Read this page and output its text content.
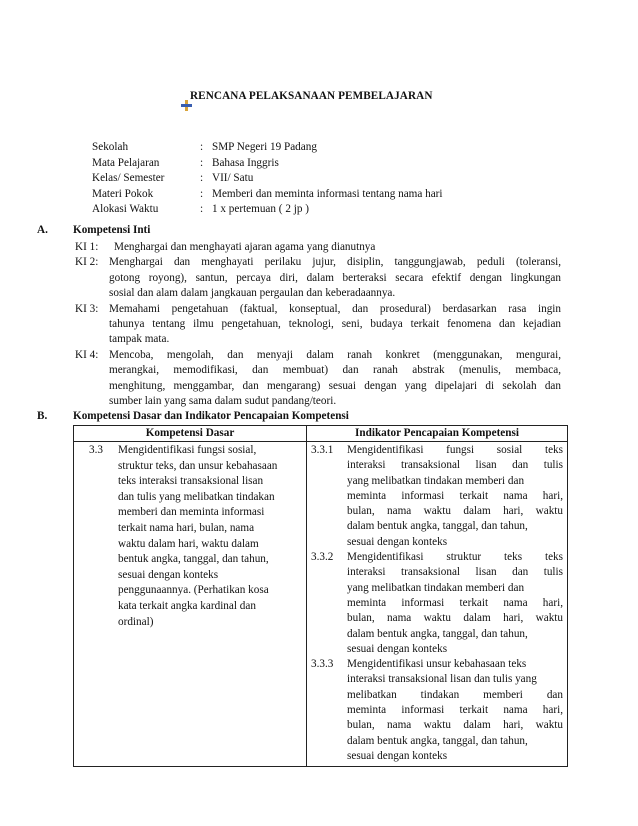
RENCANA PELAKSANAAN PEMBELAJARAN
Sekolah	: SMP Negeri 19 Padang
Mata Pelajaran	: Bahasa Inggris
Kelas/ Semester	: VII/ Satu
Materi Pokok	: Memberi dan meminta informasi tentang nama hari
Alokasi Waktu	: 1 x pertemuan ( 2 jp )
A. Kompetensi Inti
KI 1:	Menghargai dan menghayati ajaran agama yang dianutnya
KI 2: Menghargai dan menghayati perilaku jujur, disiplin, tanggungjawab, peduli (toleransi,
gotong royong), santun, percaya diri, dalam berteraksi secara efektif dengan lingkungan
sosial dan alam dalam jangkauan pergaulan dan keberadaannya.
KI 3: Memahami pengetahuan (faktual, konseptual, dan prosedural) berdasarkan rasa ingin
tahunya tentang ilmu pengetahuan, teknologi, seni, budaya terkait fenomena dan kejadian
tampak mata.
KI 4: Mencoba, mengolah, dan menyaji dalam ranah konkret (menggunakan, mengurai,
merangkai, memodifikasi, dan membuat) dan ranah abstrak (menulis, membaca,
menghitung, menggambar, dan mengarang) sesuai dengan yang dipelajari di sekolah dan
sumber lain yang sama dalam sudut pandang/teori.
B. Kompetensi Dasar dan Indikator Pencapaian Kompetensi
Kompetensi Dasar	Indikator Pencapaian Kompetensi
3.3	Mengidentifikasi fungsi sosial,
struktur teks, dan unsur kebahasaan
teks interaksi transaksional lisan
dan tulis yang melibatkan tindakan
memberi dan meminta informasi
terkait nama hari, bulan, nama
waktu dalam hari, waktu dalam
bentuk angka, tanggal, dan tahun,
sesuai dengan konteks
penggunaannya. (Perhatikan kosa
kata terkait angka kardinal dan
ordinal)
3.3.1	Mengidentifikasi fungsi sosial teks
interaksi transaksional lisan dan tulis
yang melibatkan tindakan memberi dan
meminta informasi terkait nama hari,
bulan, nama waktu dalam hari, waktu
dalam bentuk angka, tanggal, dan tahun,
sesuai dengan konteks
3.3.2	Mengidentifikasi struktur teks teks
interaksi transaksional lisan dan tulis
yang melibatkan tindakan memberi dan
meminta informasi terkait nama hari,
bulan, nama waktu dalam hari, waktu
dalam bentuk angka, tanggal, dan tahun,
sesuai dengan konteks
3.3.3	Mengidentifikasi unsur kebahasaan teks
interaksi transaksional lisan dan tulis yang
melibatkan tindakan memberi dan
meminta informasi terkait nama hari,
bulan, nama waktu dalam hari, waktu
dalam bentuk angka, tanggal, dan tahun,
sesuai dengan konteks
